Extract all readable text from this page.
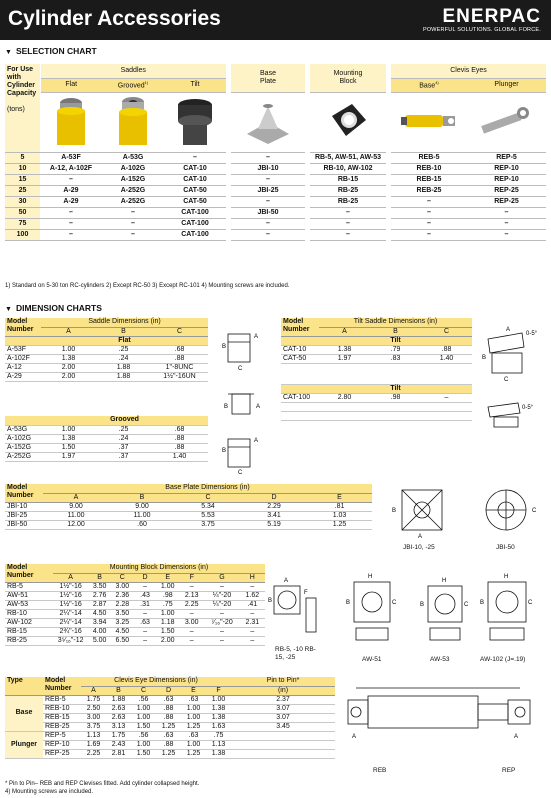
Cylinder Accessories	ENERPAC
POWERFUL SOLUTIONS. GLOBAL FORCE.
▼ SELECTION CHART
For Use with Cylinder Capacity

(tons)	Saddles				Base Plate		Mounting Block		Clevis Eyes	
	Flat	Grooved$^{1)}$	Tilt						Base$^{4)}$	Plunger

5	A-53F	A-53G	–		–		RB-5, AW-51, AW-53		REB-5	REP-5
10	A-12, A-102F	A-102G	CAT-10		JBI-10		RB-10, AW-102		REB-10	REP-10
15	–	A-152G	CAT-10		–		RB-15		REB-15	REP-10
25	A-29	A-252G	CAT-50		JBI-25		RB-25		REB-25	REP-25
30	A-29	A-252G	CAT-50		–		RB-25		–	REP-25
50	–	–	CAT-100		JBI-50		–		–	–
75	–	–	CAT-100		–		–		–	–
100	–	–	CAT-100		–		–		–	–
1) Standard on 5-30 ton RC-cylinders 2) Except RC-50 3) Except RC-101 4) Mounting screws are included.
▼ DIMENSION CHARTS
Model Number	Saddle Dimensions (in)		
	A	B	C
	Flat		
A-53F	1.00	.25	.68
A-102F	1.38	.24	.88
A-12	2.00	1.88	1"-8UNC
A-29	2.00	1.88	1½"-16UN

	Grooved		
A-53G	1.00	.25	.68
A-102G	1.38	.24	.88
A-152G	1.50	.37	.88
A-252G	1.97	.37	1.40
A
B
C
A
B
A
B
C
Model Number	Tilt Saddle Dimensions (in)		
	A	B	C
	Tilt		
CAT-10	1.38	.79	.88
CAT-50	1.97	.83	1.40

	Tilt		
CAT-100	2.80	.98	–

0-5°
0-5°
B
C
A
Model Number	Base Plate Dimensions (in)				
	A	B	C	D	E
JBI-10	9.00	9.00	5.34	2.29	.81
JBI-25	11.00	11.00	5.53	3.41	1.03
JBI-50	12.00	.60	3.75	5.19	1.25
B
A
C
JBI-10, -25	JBI-50
Model Number	Mounting Block Dimensions (in)							
	A	B	C	D	E	F	G	H
RB-5	1½"-16	3.50	3.00	–	1.00	–	–	–
AW-51	1½"-16	2.76	2.36	.43	.98	2.13	¼"-20	1.62
AW-53	1½"-16	2.87	2.28	.31	.75	2.25	¼"-20	.41
RB-10	2¼"-14	4.50	3.50	–	1.00	–	–	–
AW-102	2¼"-14	3.94	3.25	.63	1.18	3.00	⁷⁄₁₆"-20	2.31
RB-15	2¾"-16	4.00	4.50	–	1.50	–	–	–
RB-25	3⁵⁄₁₆"-12	5.00	6.50	–	2.00	–	–	–
A
B
F
H
B	C
H
B	C
H
B	C
RB-5, -10 RB-15, -25	AW-51	AW-53	AW-102 (J=.19)
Type	Model Number	Clevis Eye Dimensions (in)						Pin to Pin*
		A	B	C	D	E	F	(in)
Base	REB-5	1.75	1.88	.56	.63	.63	1.00	2.37
	REB-10	2.50	2.63	1.00	.88	1.00	1.38	3.07
	REB-15	3.00	2.63	1.00	.88	1.00	1.38	3.07
	REB-25	3.75	3.13	1.50	1.25	1.25	1.63	3.45
Plunger	REP-5	1.13	1.75	.56	.63	.63	.75	
	REP-10	1.69	2.43	1.00	.88	1.00	1.13	
	REP-25	2.25	2.81	1.50	1.25	1.25	1.38	
A	A
REB	REP
* Pin to Pin– REB and REP Clevises fitted. Add cylinder collapsed height.
4) Mounting screws are included.
